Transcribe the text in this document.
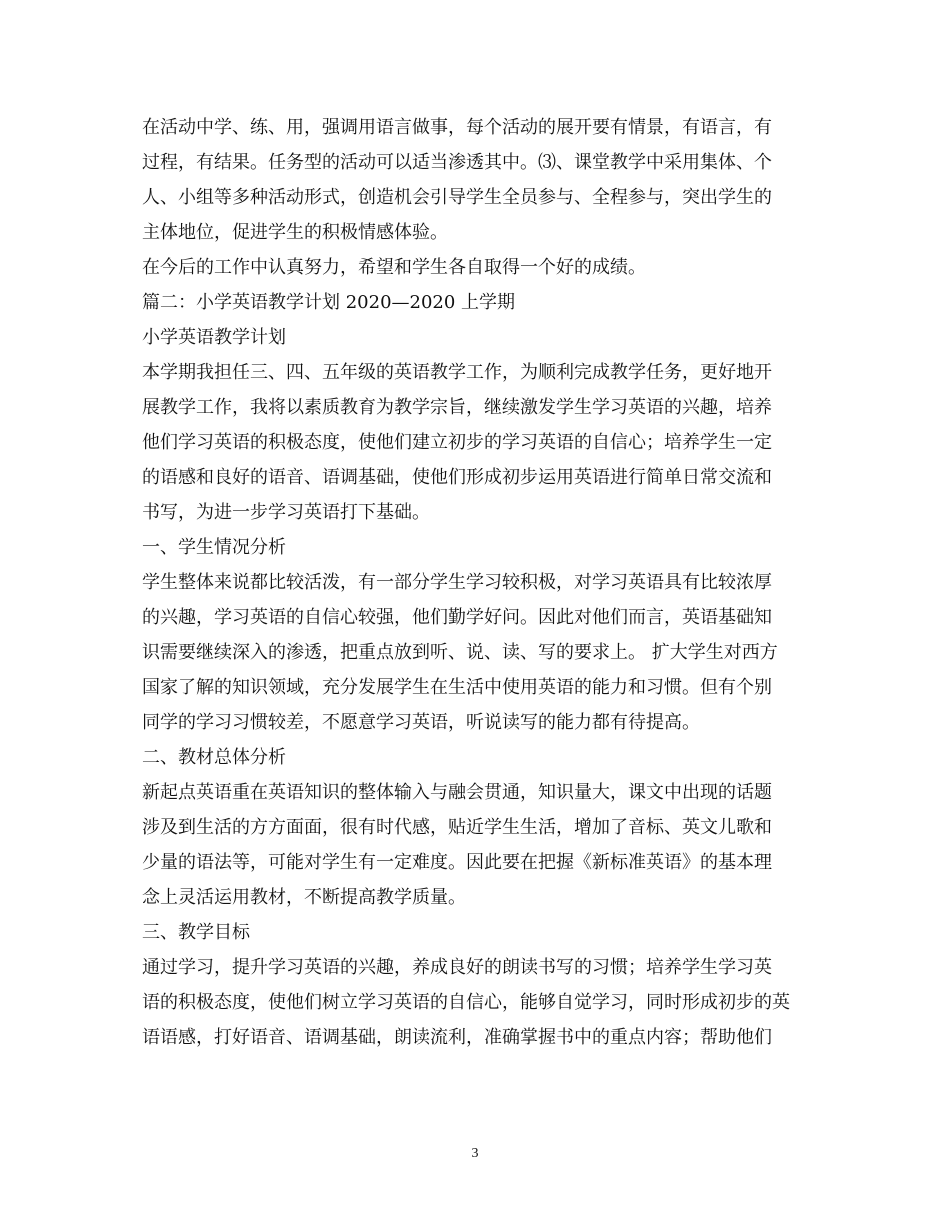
在活动中学、练、用，强调用语言做事，每个活动的展开要有情景，有语言，有
过程，有结果。任务型的活动可以适当渗透其中。⑶、课堂教学中采用集体、个
人、小组等多种活动形式，创造机会引导学生全员参与、全程参与，突出学生的
主体地位，促进学生的积极情感体验。
在今后的工作中认真努力，希望和学生各自取得一个好的成绩。
篇二：小学英语教学计划 2020—2020 上学期
小学英语教学计划
本学期我担任三、四、五年级的英语教学工作，为顺利完成教学任务，更好地开
展教学工作，我将以素质教育为教学宗旨，继续激发学生学习英语的兴趣，培养
他们学习英语的积极态度，使他们建立初步的学习英语的自信心；培养学生一定
的语感和良好的语音、语调基础，使他们形成初步运用英语进行简单日常交流和
书写，为进一步学习英语打下基础。
一、学生情况分析
学生整体来说都比较活泼，有一部分学生学习较积极，对学习英语具有比较浓厚
的兴趣，学习英语的自信心较强，他们勤学好问。因此对他们而言，英语基础知
识需要继续深入的渗透，把重点放到听、说、读、写的要求上。 扩大学生对西方
国家了解的知识领域，充分发展学生在生活中使用英语的能力和习惯。但有个别
同学的学习习惯较差，不愿意学习英语，听说读写的能力都有待提高。
二、教材总体分析
新起点英语重在英语知识的整体输入与融会贯通，知识量大，课文中出现的话题
涉及到生活的方方面面，很有时代感，贴近学生生活，增加了音标、英文儿歌和
少量的语法等，可能对学生有一定难度。因此要在把握《新标准英语》的基本理
念上灵活运用教材，不断提高教学质量。
三、教学目标
通过学习，提升学习英语的兴趣，养成良好的朗读书写的习惯；培养学生学习英
语的积极态度，使他们树立学习英语的自信心，能够自觉学习，同时形成初步的英
语语感，打好语音、语调基础，朗读流利，准确掌握书中的重点内容；帮助他们
3
